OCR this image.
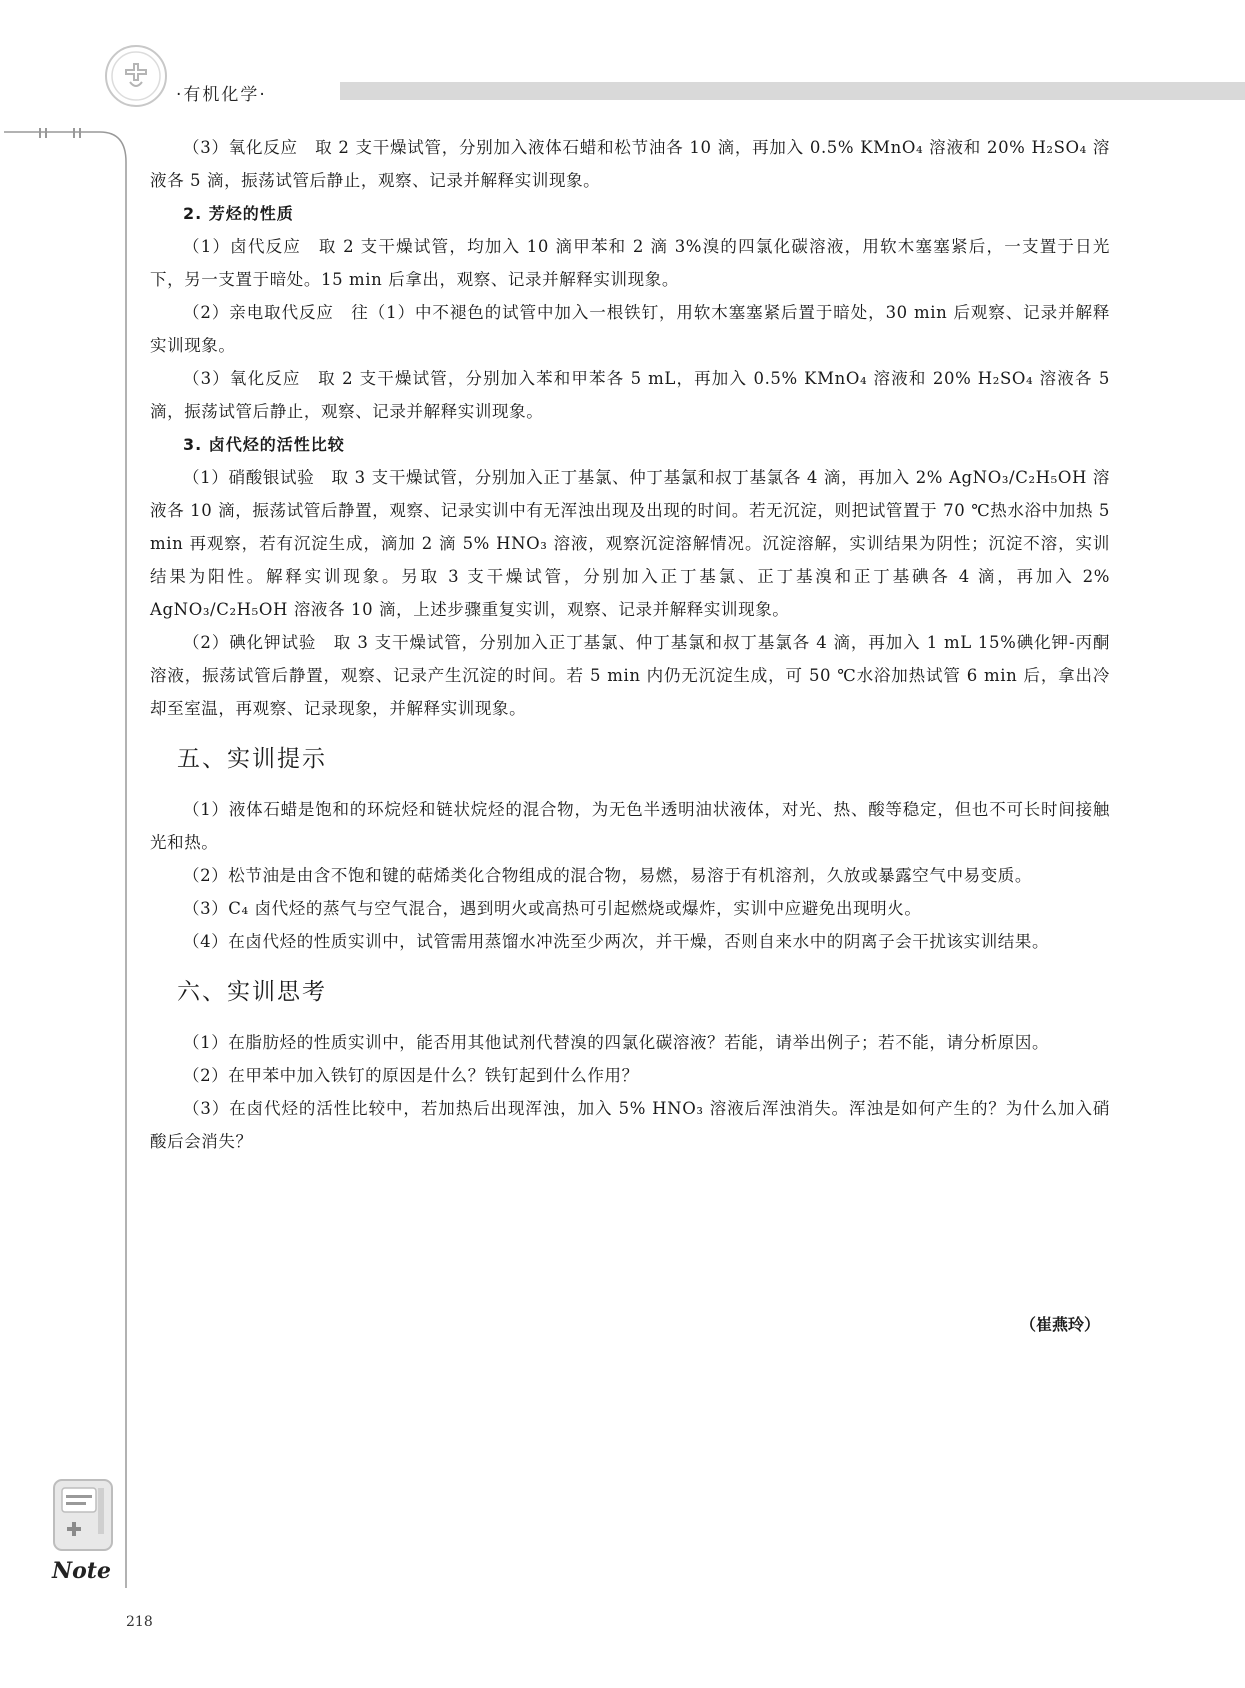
·有机化学·

（3）氧化反应　取 2 支干燥试管，分别加入液体石蜡和松节油各 10 滴，再加入 0.5% KMnO₄ 溶液和 20% H₂SO₄ 溶液各 5 滴，振荡试管后静止，观察、记录并解释实训现象。

2. 芳烃的性质

（1）卤代反应　取 2 支干燥试管，均加入 10 滴甲苯和 2 滴 3%溴的四氯化碳溶液，用软木塞塞紧后，一支置于日光下，另一支置于暗处。15 min 后拿出，观察、记录并解释实训现象。

（2）亲电取代反应　往（1）中不褪色的试管中加入一根铁钉，用软木塞塞紧后置于暗处，30 min 后观察、记录并解释实训现象。

（3）氧化反应　取 2 支干燥试管，分别加入苯和甲苯各 5 mL，再加入 0.5% KMnO₄ 溶液和 20% H₂SO₄ 溶液各 5 滴，振荡试管后静止，观察、记录并解释实训现象。

3. 卤代烃的活性比较

（1）硝酸银试验　取 3 支干燥试管，分别加入正丁基氯、仲丁基氯和叔丁基氯各 4 滴，再加入 2% AgNO₃/C₂H₅OH 溶液各 10 滴，振荡试管后静置，观察、记录实训中有无浑浊出现及出现的时间。若无沉淀，则把试管置于 70 ℃热水浴中加热 5 min 再观察，若有沉淀生成，滴加 2 滴 5% HNO₃ 溶液，观察沉淀溶解情况。沉淀溶解，实训结果为阴性；沉淀不溶，实训结果为阳性。解释实训现象。另取 3 支干燥试管，分别加入正丁基氯、正丁基溴和正丁基碘各 4 滴，再加入 2% AgNO₃/C₂H₅OH 溶液各 10 滴，上述步骤重复实训，观察、记录并解释实训现象。

（2）碘化钾试验　取 3 支干燥试管，分别加入正丁基氯、仲丁基氯和叔丁基氯各 4 滴，再加入 1 mL 15%碘化钾-丙酮溶液，振荡试管后静置，观察、记录产生沉淀的时间。若 5 min 内仍无沉淀生成，可 50 ℃水浴加热试管 6 min 后，拿出冷却至室温，再观察、记录现象，并解释实训现象。

五、实训提示

（1）液体石蜡是饱和的环烷烃和链状烷烃的混合物，为无色半透明油状液体，对光、热、酸等稳定，但也不可长时间接触光和热。

（2）松节油是由含不饱和键的萜烯类化合物组成的混合物，易燃，易溶于有机溶剂，久放或暴露空气中易变质。

（3）C₄ 卤代烃的蒸气与空气混合，遇到明火或高热可引起燃烧或爆炸，实训中应避免出现明火。

（4）在卤代烃的性质实训中，试管需用蒸馏水冲洗至少两次，并干燥，否则自来水中的阴离子会干扰该实训结果。

六、实训思考

（1）在脂肪烃的性质实训中，能否用其他试剂代替溴的四氯化碳溶液？若能，请举出例子；若不能，请分析原因。

（2）在甲苯中加入铁钉的原因是什么？铁钉起到什么作用？

（3）在卤代烃的活性比较中，若加热后出现浑浊，加入 5% HNO₃ 溶液后浑浊消失。浑浊是如何产生的？为什么加入硝酸后会消失？

（崔燕玲）
Note
218
